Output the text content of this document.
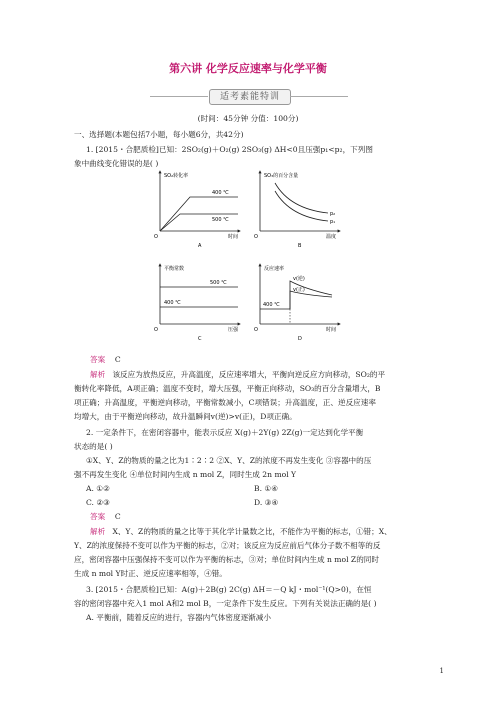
第六讲 化学反应速率与化学平衡
适考素能特训
(时间：45分钟 分值：100分)
一、选择题(本题包括7小题，每小题6分，共42分)
1. [2015・合肥质检]已知：2SO₂(g)＋O₂(g) 2SO₃(g) ΔH<0且压强p₁<p₂，下列图
象中曲线变化错误的是( )
SO₂转化率
时间
O
400 ℃
500 ℃
A
SO₃的百分含量
温度
O
p₂
p₁
B
平衡常数
压强
O
500 ℃
400 ℃
C
反应速率
时间
O
v(逆)
v(正)
400 ℃
D
答案 C
解析 该反应为放热反应，升高温度，反应速率增大，平衡向逆反应方向移动，SO₂的平
衡转化率降低，A项正确；温度不变时，增大压强，平衡正向移动，SO₃的百分含量增大，B
项正确；升高温度，平衡逆向移动，平衡常数减小，C项错误；升高温度，正、逆反应速率
均增大，由于平衡逆向移动，故升温瞬间v(逆)>v(正)，D项正确。
2. 一定条件下，在密闭容器中，能表示反应 X(g)＋2Y(g) 2Z(g)一定达到化学平衡
状态的是( )
①X、Y、Z的物质的量之比为1∶2∶2 ②X、Y、Z的浓度不再发生变化 ③容器中的压
强不再发生变化 ④单位时间内生成 n mol Z，同时生成 2n mol Y
A. ①②	B. ①④
C. ②③	D. ③④
答案 C
解析 X、Y、Z的物质的量之比等于其化学计量数之比，不能作为平衡的标志，①错；X、
Y、Z的浓度保持不变可以作为平衡的标志，②对；该反应为反应前后气体分子数不相等的反
应，密闭容器中压强保持不变可以作为平衡的标志，③对；单位时间内生成 n mol Z的同时
生成 n mol Y时正、逆反应速率相等，④错。
3. [2015・合肥质检]已知：A(g)＋2B(g) 2C(g) ΔH＝－Q kJ・mol⁻¹(Q>0)，在恒
容的密闭容器中充入1 mol A和2 mol B，一定条件下发生反应。下列有关说法正确的是( )
A. 平衡前，随着反应的进行，容器内气体密度逐渐减小
1
